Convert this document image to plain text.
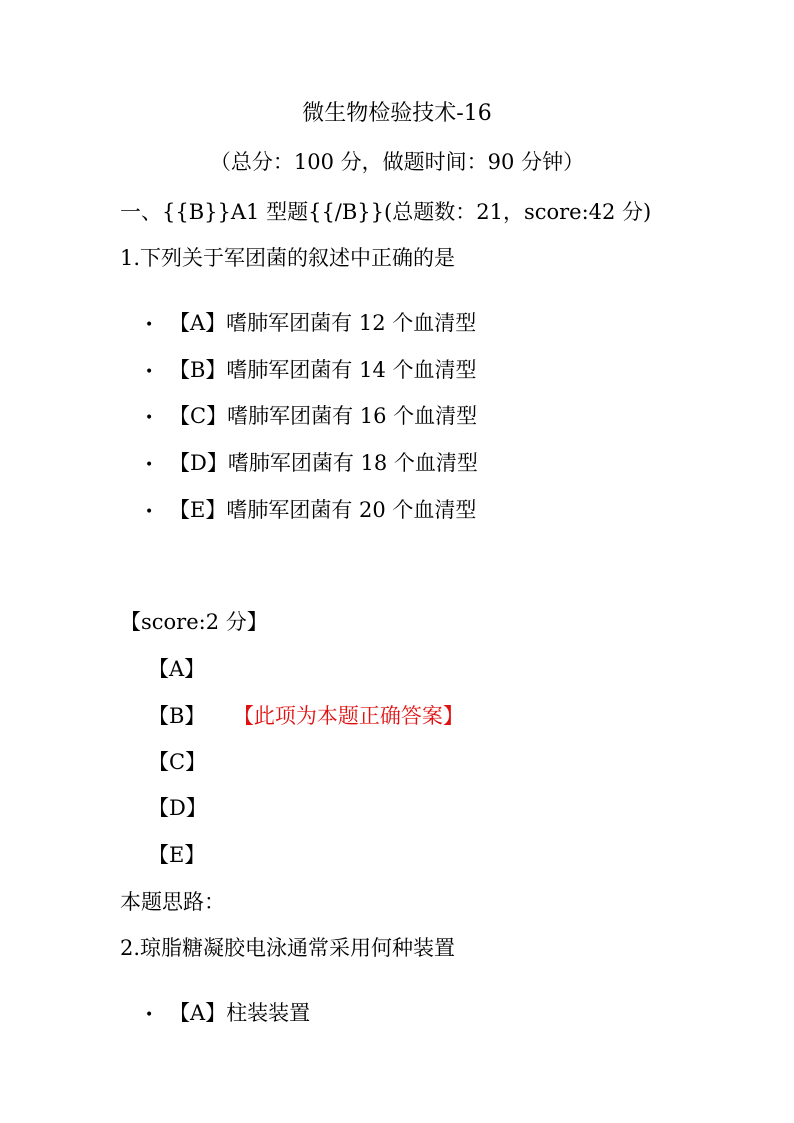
微生物检验技术-16
（总分：100 分，做题时间：90 分钟）
一、{{B}}A1 型题{{/B}}(总题数：21，score:42 分)
1.下列关于军团菌的叙述中正确的是
• 【A】嗜肺军团菌有 12 个血清型
• 【B】嗜肺军团菌有 14 个血清型
• 【C】嗜肺军团菌有 16 个血清型
• 【D】嗜肺军团菌有 18 个血清型
• 【E】嗜肺军团菌有 20 个血清型
【score:2 分】
【A】
【B】 【此项为本题正确答案】
【C】
【D】
【E】
本题思路：
2.琼脂糖凝胶电泳通常采用何种装置
• 【A】柱装装置
